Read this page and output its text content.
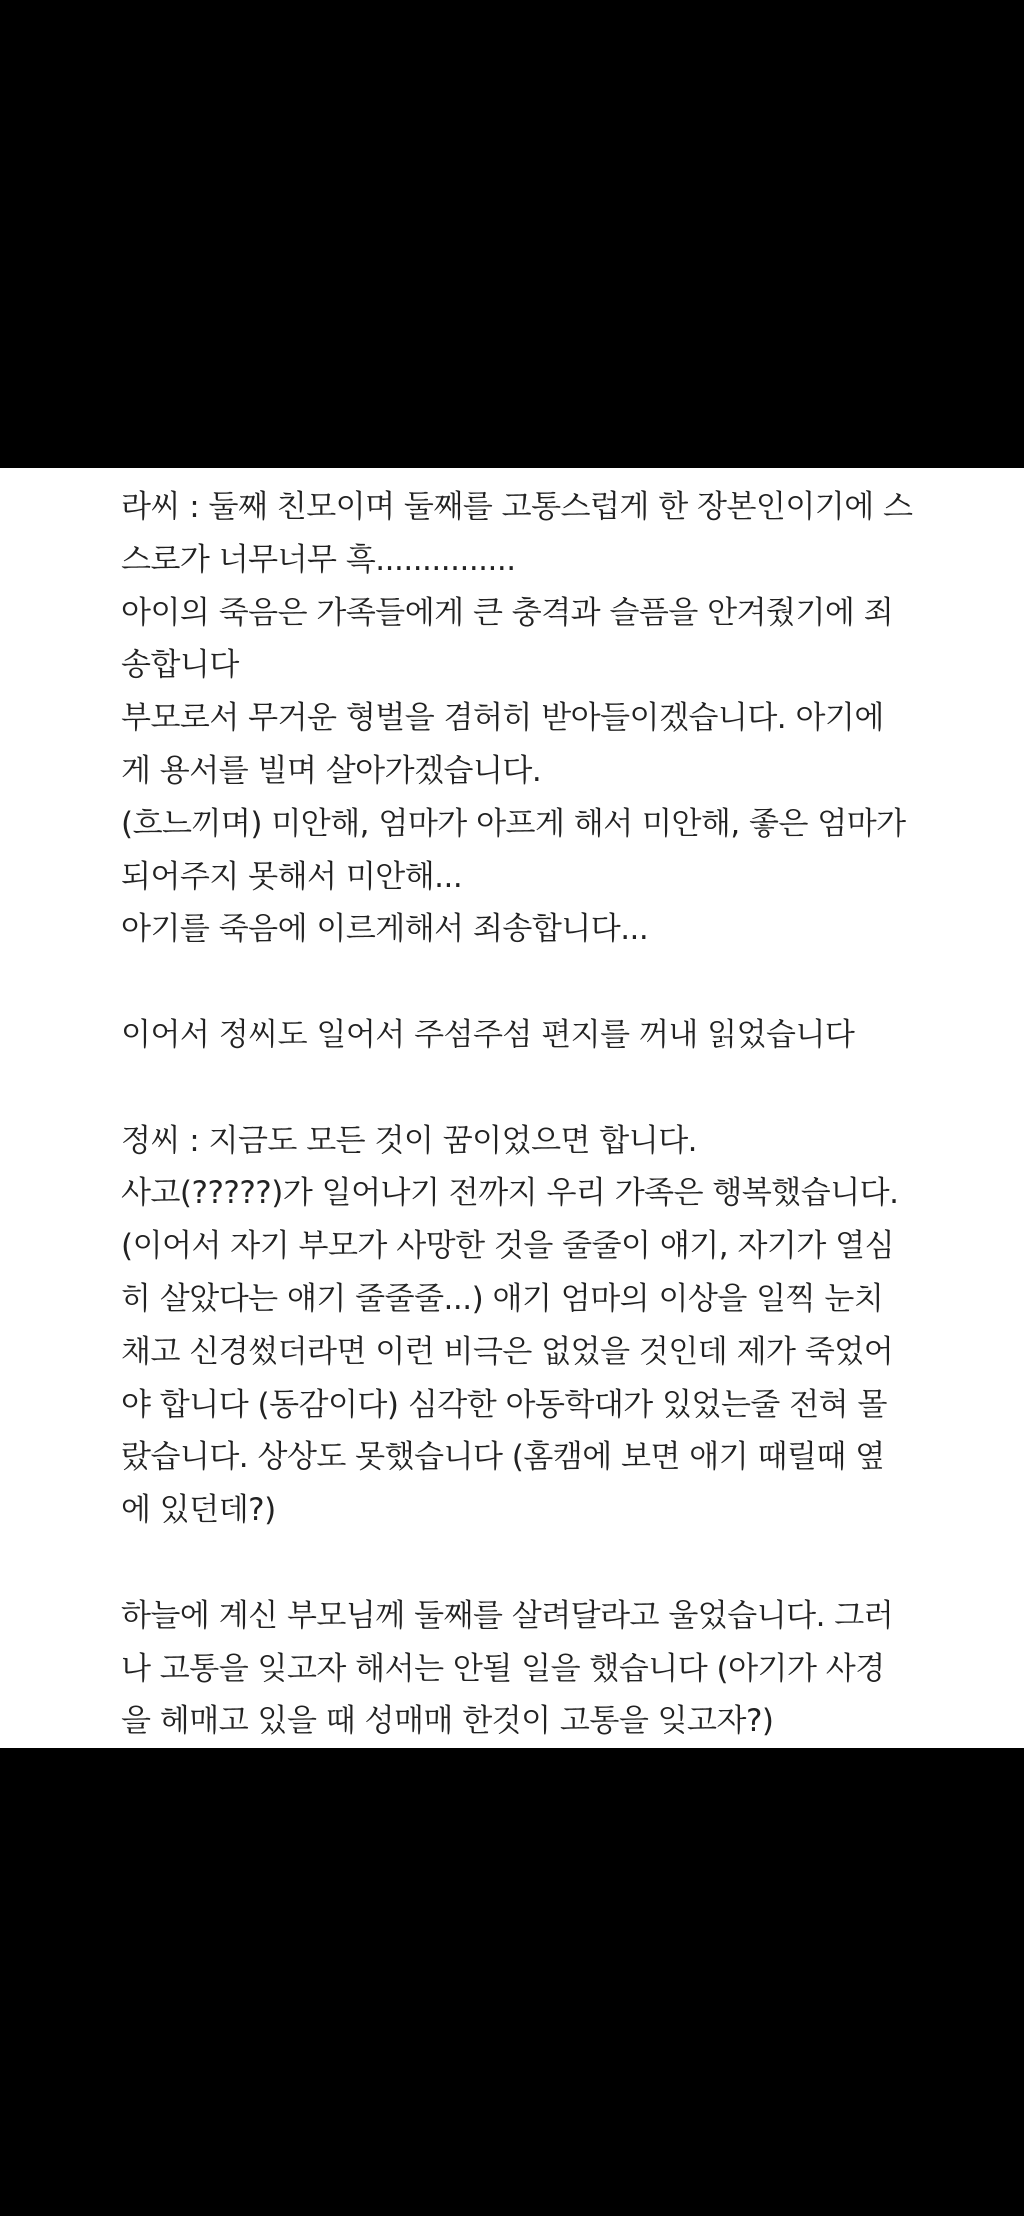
라씨 : 둘째 친모이며 둘째를 고통스럽게 한 장본인이기에 스
스로가 너무너무 흑...............
아이의 죽음은 가족들에게 큰 충격과 슬픔을 안겨줬기에 죄
송합니다
부모로서 무거운 형벌을 겸허히 받아들이겠습니다. 아기에
게 용서를 빌며 살아가겠습니다.
(흐느끼며) 미안해, 엄마가 아프게 해서 미안해, 좋은 엄마가
되어주지 못해서 미안해...
아기를 죽음에 이르게해서 죄송합니다...
이어서 정씨도 일어서 주섬주섬 편지를 꺼내 읽었습니다
정씨 : 지금도 모든 것이 꿈이었으면 합니다.
사고(?????)가 일어나기 전까지 우리 가족은 행복했습니다.
(이어서 자기 부모가 사망한 것을 줄줄이 얘기, 자기가 열심
히 살았다는 얘기 줄줄줄...) 애기 엄마의 이상을 일찍 눈치
채고 신경썼더라면 이런 비극은 없었을 것인데 제가 죽었어
야 합니다 (동감이다) 심각한 아동학대가 있었는줄 전혀 몰
랐습니다. 상상도 못했습니다 (홈캠에 보면 애기 때릴때 옆
에 있던데?)
하늘에 계신 부모님께 둘째를 살려달라고 울었습니다. 그러
나 고통을 잊고자 해서는 안될 일을 했습니다 (아기가 사경
을 헤매고 있을 때 성매매 한것이 고통을 잊고자?)
